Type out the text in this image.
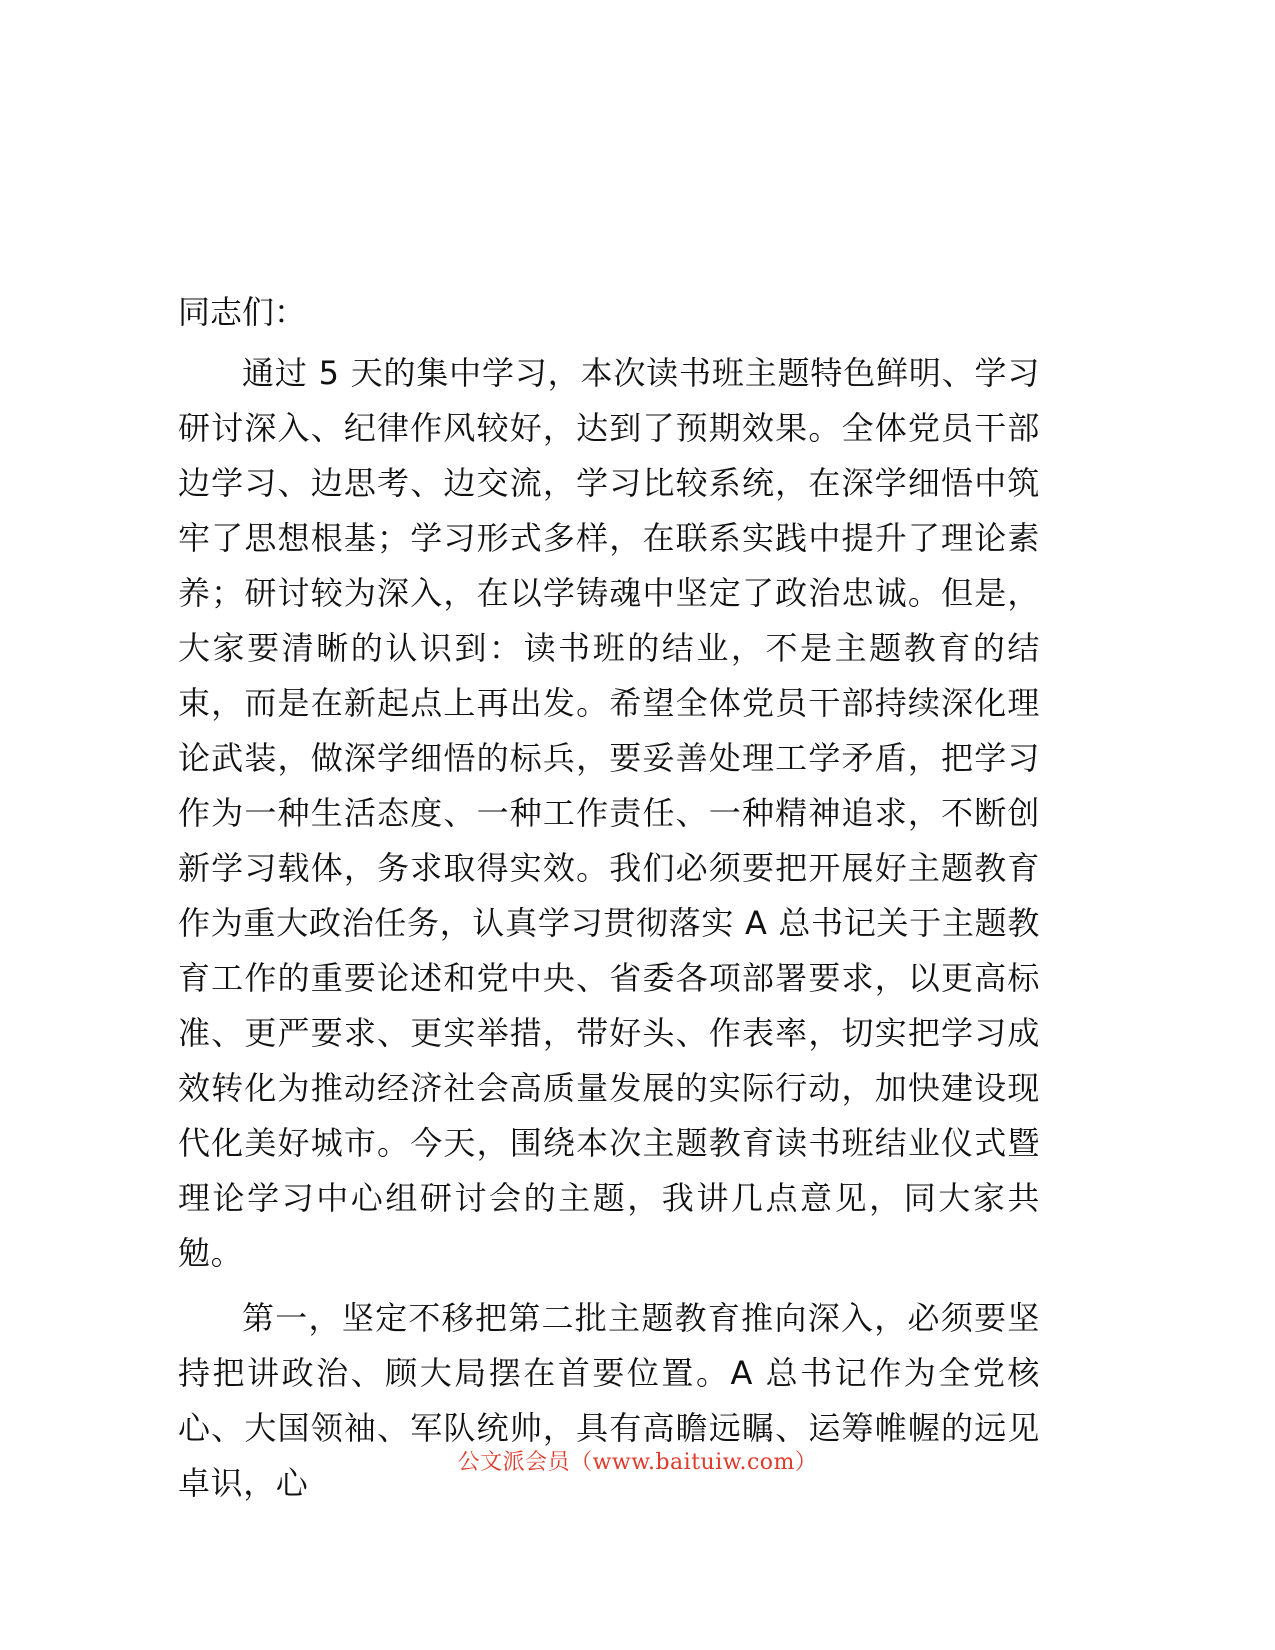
同志们：

通过 5 天的集中学习，本次读书班主题特色鲜明、学习研讨深入、纪律作风较好，达到了预期效果。全体党员干部边学习、边思考、边交流，学习比较系统，在深学细悟中筑牢了思想根基；学习形式多样，在联系实践中提升了理论素养；研讨较为深入，在以学铸魂中坚定了政治忠诚。但是，大家要清晰的认识到：读书班的结业，不是主题教育的结束，而是在新起点上再出发。希望全体党员干部持续深化理论武装，做深学细悟的标兵，要妥善处理工学矛盾，把学习作为一种生活态度、一种工作责任、一种精神追求，不断创新学习载体，务求取得实效。我们必须要把开展好主题教育作为重大政治任务，认真学习贯彻落实 A 总书记关于主题教育工作的重要论述和党中央、省委各项部署要求，以更高标准、更严要求、更实举措，带好头、作表率，切实把学习成效转化为推动经济社会高质量发展的实际行动，加快建设现代化美好城市。今天，围绕本次主题教育读书班结业仪式暨理论学习中心组研讨会的主题，我讲几点意见，同大家共勉。

第一，坚定不移把第二批主题教育推向深入，必须要坚持把讲政治、顾大局摆在首要位置。A 总书记作为全党核心、大国领袖、军队统帅，具有高瞻远瞩、运筹帷幄的远见卓识，心

公文派会员（www.baituiw.com）
